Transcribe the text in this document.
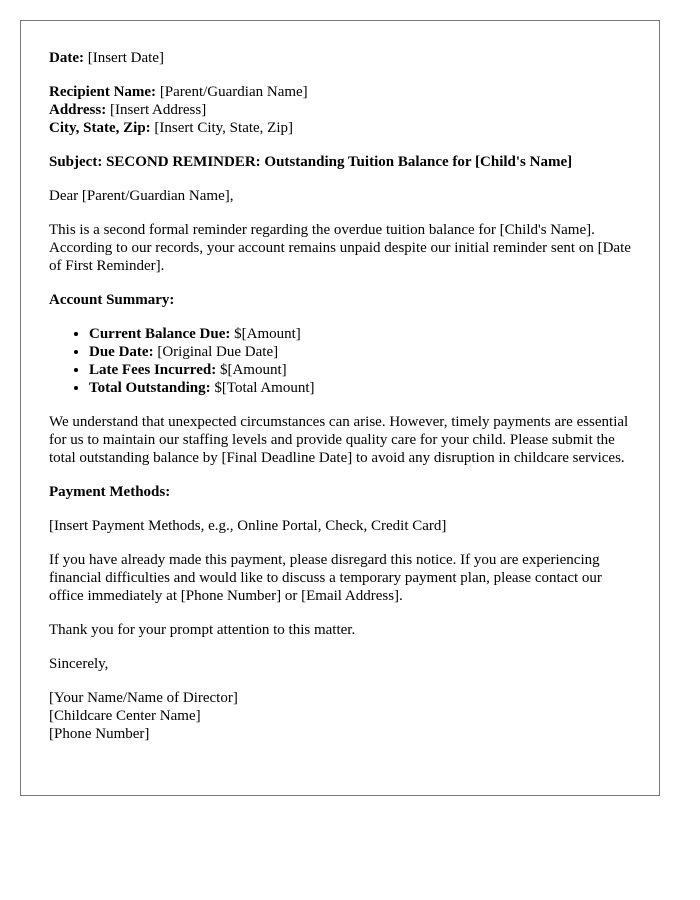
Date: [Insert Date]

Recipient Name: [Parent/Guardian Name]
Address: [Insert Address]
City, State, Zip: [Insert City, State, Zip]

Subject: SECOND REMINDER: Outstanding Tuition Balance for [Child's Name]

Dear [Parent/Guardian Name],

This is a second formal reminder regarding the overdue tuition balance for [Child's Name]. According to our records, your account remains unpaid despite our initial reminder sent on [Date of First Reminder].

Account Summary:

• Current Balance Due: $[Amount]
• Due Date: [Original Due Date]
• Late Fees Incurred: $[Amount]
• Total Outstanding: $[Total Amount]

We understand that unexpected circumstances can arise. However, timely payments are essential for us to maintain our staffing levels and provide quality care for your child. Please submit the total outstanding balance by [Final Deadline Date] to avoid any disruption in childcare services.

Payment Methods:

[Insert Payment Methods, e.g., Online Portal, Check, Credit Card]

If you have already made this payment, please disregard this notice. If you are experiencing financial difficulties and would like to discuss a temporary payment plan, please contact our office immediately at [Phone Number] or [Email Address].

Thank you for your prompt attention to this matter.

Sincerely,

[Your Name/Name of Director]
[Childcare Center Name]
[Phone Number]
